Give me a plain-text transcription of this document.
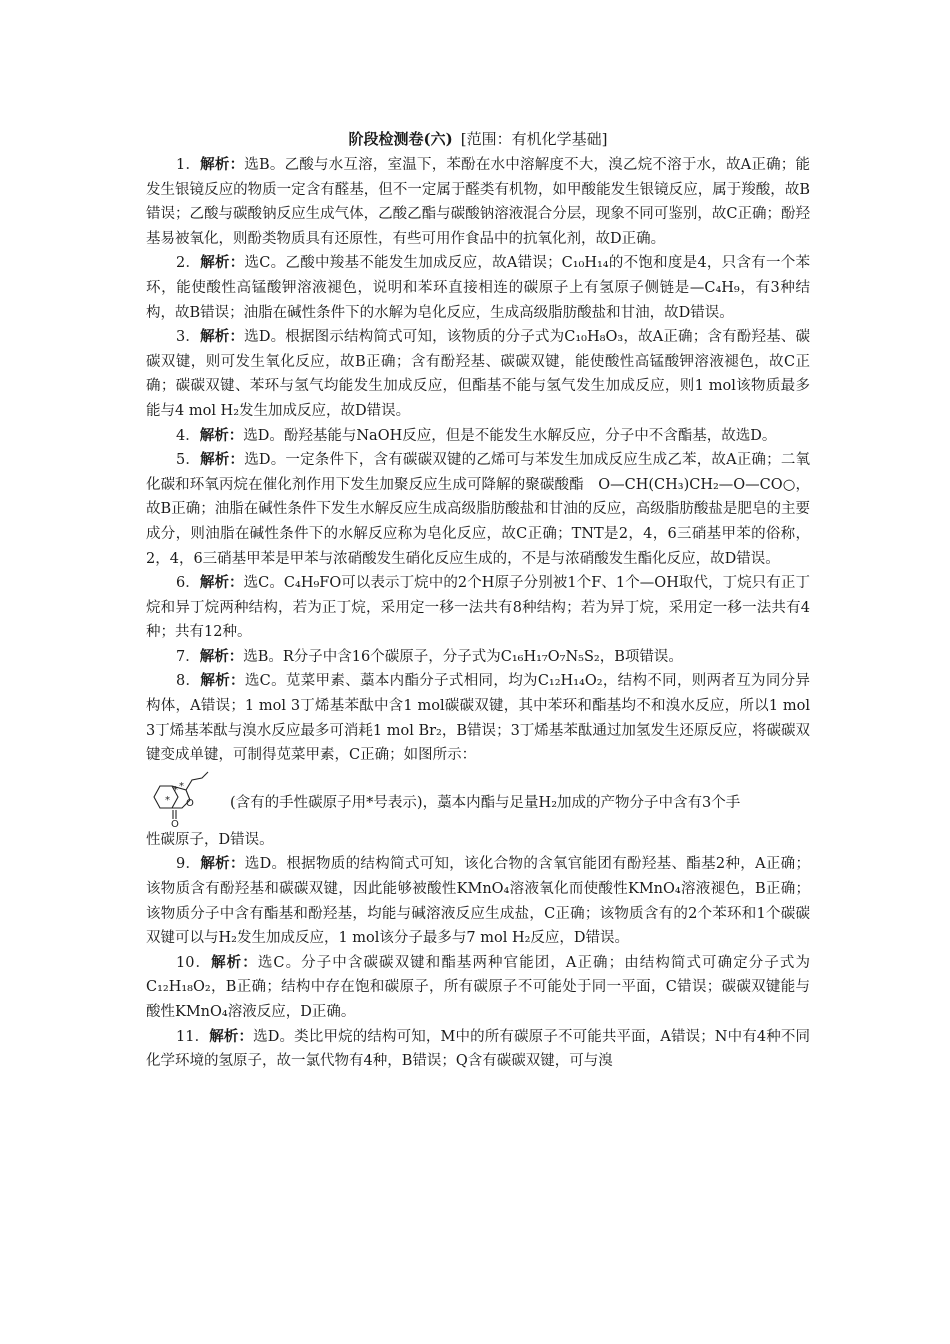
阶段检测卷(六) [范围：有机化学基础]

1．解析：选B。乙酸与水互溶，室温下，苯酚在水中溶解度不大，溴乙烷不溶于水，故A正确；能发生银镜反应的物质一定含有醛基，但不一定属于醛类有机物，如甲酸能发生银镜反应，属于羧酸，故B错误；乙酸与碳酸钠反应生成气体，乙酸乙酯与碳酸钠溶液混合分层，现象不同可鉴别，故C正确；酚羟基易被氧化，则酚类物质具有还原性，有些可用作食品中的抗氧化剂，故D正确。

2．解析：选C。乙酸中羧基不能发生加成反应，故A错误；C₁₀H₁₄的不饱和度是4，只含有一个苯环，能使酸性高锰酸钾溶液褪色，说明和苯环直接相连的碳原子上有氢原子侧链是—C₄H₉，有3种结构，故B错误；油脂在碱性条件下的水解为皂化反应，生成高级脂肪酸盐和甘油，故D错误。

3．解析：选D。根据图示结构简式可知，该物质的分子式为C₁₀H₈O₃，故A正确；含有酚羟基、碳碳双键，则可发生氧化反应，故B正确；含有酚羟基、碳碳双键，能使酸性高锰酸钾溶液褪色，故C正确；碳碳双键、苯环与氢气均能发生加成反应，但酯基不能与氢气发生加成反应，则1 mol该物质最多能与4 mol H₂发生加成反应，故D错误。

4．解析：选D。酚羟基能与NaOH反应，但是不能发生水解反应，分子中不含酯基，故选D。

5．解析：选D。一定条件下，含有碳碳双键的乙烯可与苯发生加成反应生成乙苯，故A正确；二氧化碳和环氧丙烷在催化剂作用下发生加聚反应生成可降解的聚碳酸酯　O—CH(CH₃)CH₂—O—CO○，故B正确；油脂在碱性条件下发生水解反应生成高级脂肪酸盐和甘油的反应，高级脂肪酸盐是肥皂的主要成分，则油脂在碱性条件下的水解反应称为皂化反应，故C正确；TNT是2，4，6三硝基甲苯的俗称，2，4，6三硝基甲苯是甲苯与浓硝酸发生硝化反应生成的，不是与浓硝酸发生酯化反应，故D错误。

6．解析：选C。C₄H₉FO可以表示丁烷中的2个H原子分别被1个F、1个—OH取代，丁烷只有正丁烷和异丁烷两种结构，若为正丁烷，采用定一移一法共有8种结构；若为异丁烷，采用定一移一法共有4种；共有12种。

7．解析：选B。R分子中含16个碳原子，分子式为C₁₆H₁₇O₇N₅S₂，B项错误。

8．解析：选C。苋菜甲素、藁本内酯分子式相同，均为C₁₂H₁₄O₂，结构不同，则两者互为同分异构体，A错误；1 mol 3丁烯基苯酞中含1 mol碳碳双键，其中苯环和酯基均不和溴水反应，所以1 mol 3丁烯基苯酞与溴水反应最多可消耗1 mol Br₂，B错误；3丁烯基苯酞通过加氢发生还原反应，将碳碳双键变成单键，可制得苋菜甲素，C正确；如图所示：

* *
* O
O
(含有的手性碳原子用*号表示)，藁本内酯与足量H₂加成的产物分子中含有3个手

性碳原子，D错误。

9．解析：选D。根据物质的结构简式可知，该化合物的含氧官能团有酚羟基、酯基2种，A正确；该物质含有酚羟基和碳碳双键，因此能够被酸性KMnO₄溶液氧化而使酸性KMnO₄溶液褪色，B正确；该物质分子中含有酯基和酚羟基，均能与碱溶液反应生成盐，C正确；该物质含有的2个苯环和1个碳碳双键可以与H₂发生加成反应，1 mol该分子最多与7 mol H₂反应，D错误。

10．解析：选C。分子中含碳碳双键和酯基两种官能团，A正确；由结构简式可确定分子式为C₁₂H₁₈O₂，B正确；结构中存在饱和碳原子，所有碳原子不可能处于同一平面，C错误；碳碳双键能与酸性KMnO₄溶液反应，D正确。

11．解析：选D。类比甲烷的结构可知，M中的所有碳原子不可能共平面，A错误；N中有4种不同化学环境的氢原子，故一氯代物有4种，B错误；Q含有碳碳双键，可与溴
